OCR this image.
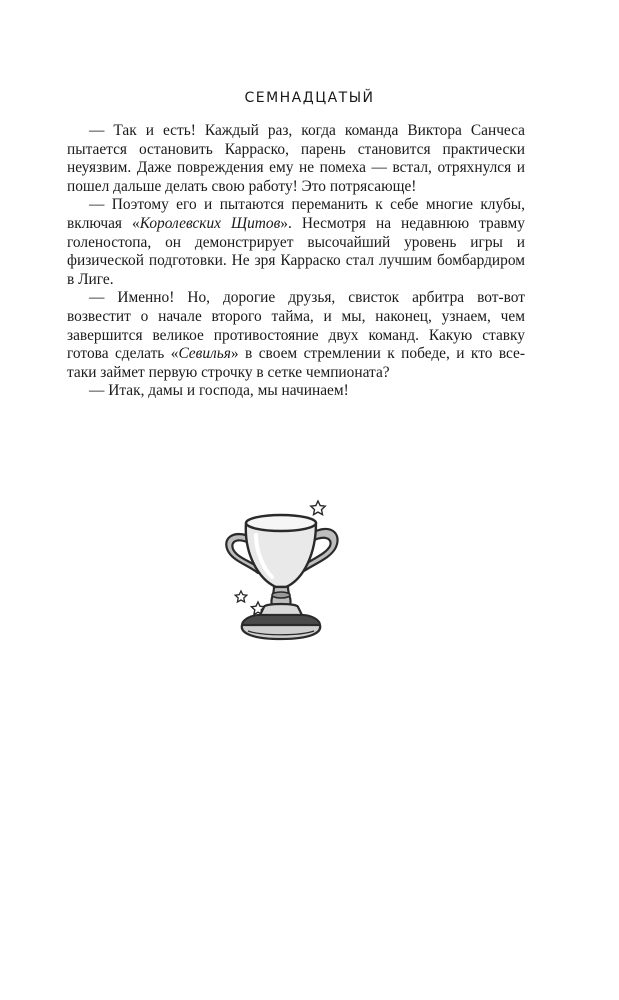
СЕМНАДЦАТЫЙ

— Так и есть! Каждый раз, когда команда Виктора Санчеса пытается остановить Карраско, парень становится практически неуязвим. Даже повреждения ему не помеха — встал, отряхнулся и пошел дальше делать свою работу! Это потрясающе!

— Поэтому его и пытаются переманить к себе многие клубы, включая «Королевских Щитов». Несмотря на недавнюю травму голеностопа, он демонстрирует высочайший уровень игры и физической подготовки. Не зря Карраско стал лучшим бомбардиром в Лиге.

— Именно! Но, дорогие друзья, свисток арбитра вот-вот возвестит о начале второго тайма, и мы, наконец, узнаем, чем завершится великое противостояние двух команд. Какую ставку готова сделать «Севилья» в своем стремлении к победе, и кто все-таки займет первую строчку в сетке чемпионата?

— Итак, дамы и господа, мы начинаем!
